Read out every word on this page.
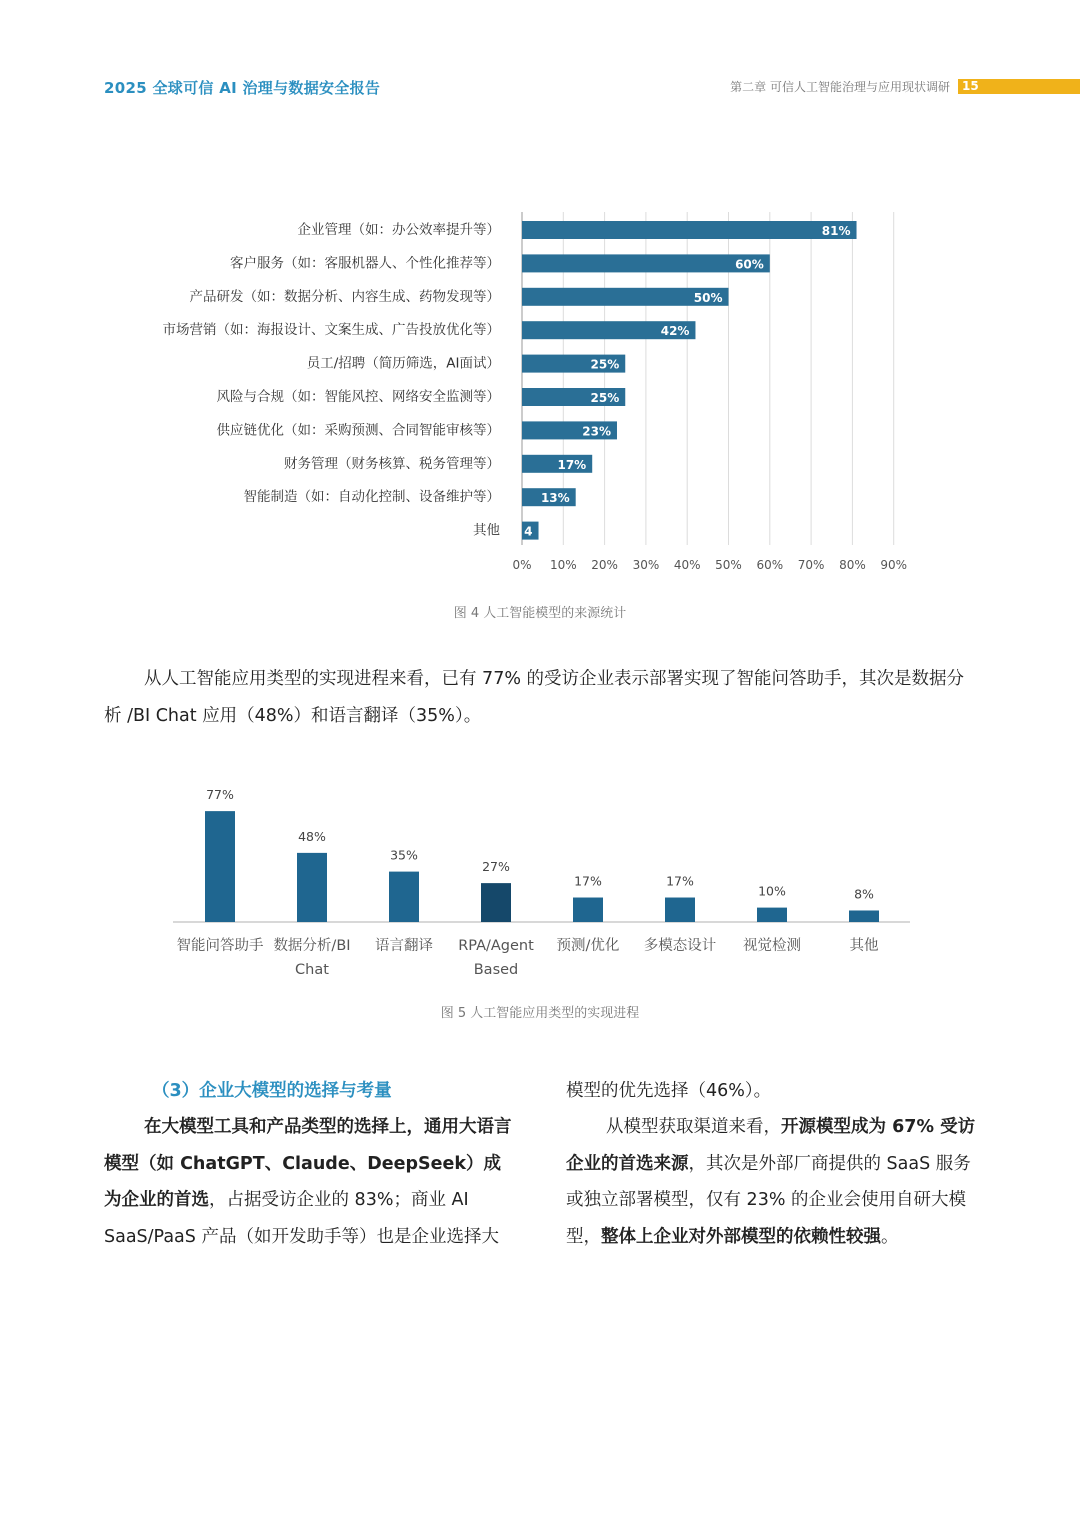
2025 全球可信 AI 治理与数据安全报告	第二章 可信人工智能治理与应用现状调研	15
0% 10% 20% 30% 40% 50% 60% 70% 80% 90%
企业管理（如：办公效率提升等）	81%
客户服务（如：客服机器人、个性化推荐等）	60%
产品研发（如：数据分析、内容生成、药物发现等）	50%
市场营销（如：海报设计、文案生成、广告投放优化等）	42%
员工/招聘（简历筛选，AI面试）	25%
风险与合规（如：智能风控、网络安全监测等）	25%
供应链优化（如：采购预测、合同智能审核等）	23%
财务管理（财务核算、税务管理等）	17%
智能制造（如：自动化控制、设备维护等）	13%
其他 4
图 4 人工智能模型的来源统计

从人工智能应用类型的实现进程来看，已有 77% 的受访企业表示部署实现了智能问答助手，其次是数据分析 /BI Chat 应用（48%）和语言翻译（35%）。

77%
智能问答助手
48%
数据分析/BI
Chat
35%
语言翻译
27%
RPA/Agent
Based
17%
预测/优化
17%
多模态设计
10%
视觉检测
8%
其他
图 5 人工智能应用类型的实现进程
（3）企业大模型的选择与考量

在大模型工具和产品类型的选择上，通用大语言模型（如 ChatGPT、Claude、DeepSeek）成为企业的首选，占据受访企业的 83%；商业 AI SaaS/PaaS 产品（如开发助手等）也是企业选择大

模型的优先选择（46%）。

从模型获取渠道来看，开源模型成为 67% 受访企业的首选来源，其次是外部厂商提供的 SaaS 服务或独立部署模型，仅有 23% 的企业会使用自研大模型，整体上企业对外部模型的依赖性较强。
